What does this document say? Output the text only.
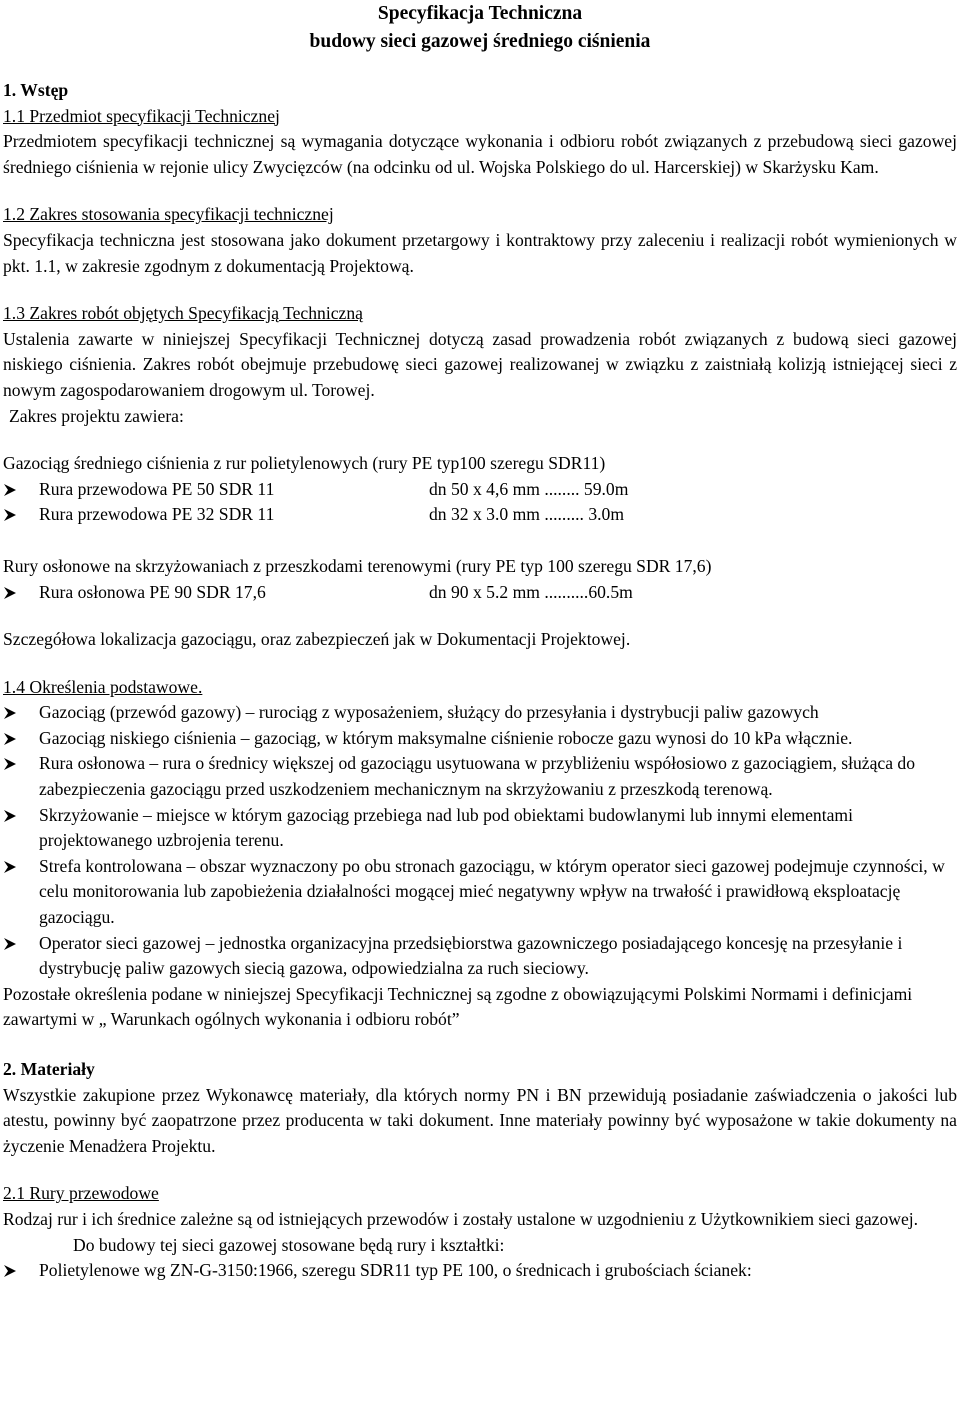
Specyfikacja Techniczna
budowy sieci gazowej średniego ciśnienia

1. Wstęp

1.1 Przedmiot specyfikacji Technicznej

Przedmiotem specyfikacji technicznej są wymagania dotyczące wykonania i odbioru robót związanych z przebudową sieci gazowej średniego ciśnienia w rejonie ulicy Zwycięzców (na odcinku od ul. Wojska Polskiego do ul. Harcerskiej) w Skarżysku Kam.

1.2 Zakres stosowania specyfikacji technicznej

Specyfikacja techniczna jest stosowana jako dokument przetargowy i kontraktowy przy zaleceniu i realizacji robót wymienionych w pkt. 1.1, w zakresie zgodnym z dokumentacją Projektową.

1.3 Zakres robót objętych Specyfikacją Techniczną

Ustalenia zawarte w niniejszej Specyfikacji Technicznej dotyczą zasad prowadzenia robót związanych z budową sieci gazowej niskiego ciśnienia. Zakres robót obejmuje przebudowę sieci gazowej realizowanej w związku z zaistniałą kolizją istniejącej sieci z nowym zagospodarowaniem drogowym ul. Torowej.

Zakres projektu zawiera:

Gazociąg średniego ciśnienia z rur polietylenowych (rury PE typ100 szeregu SDR11)

Rura przewodowa PE 50 SDR 11	dn 50 x 4,6 mm ........ 59.0m
Rura przewodowa PE 32 SDR 11	dn 32 x 3.0 mm ......... 3.0m

Rury osłonowe na skrzyżowaniach z przeszkodami terenowymi (rury PE typ 100 szeregu SDR 17,6)

Rura osłonowa PE 90 SDR 17,6	dn 90 x 5.2 mm ..........60.5m

Szczegółowa lokalizacja gazociągu, oraz zabezpieczeń jak w Dokumentacji Projektowej.

1.4 Określenia podstawowe.

Gazociąg (przewód gazowy) – rurociąg z wyposażeniem, służący do przesyłania i dystrybucji paliw gazowych
Gazociąg niskiego ciśnienia – gazociąg, w którym maksymalne ciśnienie robocze gazu wynosi do 10 kPa włącznie.
Rura osłonowa – rura o średnicy większej od gazociągu usytuowana w przybliżeniu współosiowo z gazociągiem, służąca do zabezpieczenia gazociągu przed uszkodzeniem mechanicznym na skrzyżowaniu z przeszkodą terenową.
Skrzyżowanie – miejsce w którym gazociąg przebiega nad lub pod obiektami budowlanymi lub innymi elementami projektowanego uzbrojenia terenu.
Strefa kontrolowana – obszar wyznaczony po obu stronach gazociągu, w którym operator sieci gazowej podejmuje czynności, w celu monitorowania lub zapobieżenia działalności mogącej mieć negatywny wpływ na trwałość i prawidłową eksploatację gazociągu.
Operator sieci gazowej – jednostka organizacyjna przedsiębiorstwa gazowniczego posiadającego koncesję na przesyłanie i dystrybucję paliw gazowych siecią gazowa, odpowiedzialna za ruch sieciowy.

Pozostałe określenia podane w niniejszej Specyfikacji Technicznej są zgodne z obowiązującymi Polskimi Normami i definicjami zawartymi w „ Warunkach ogólnych wykonania i odbioru robót”

2. Materiały

Wszystkie zakupione przez Wykonawcę materiały, dla których normy PN i BN przewidują posiadanie zaświadczenia o jakości lub atestu, powinny być zaopatrzone przez producenta w taki dokument. Inne materiały powinny być wyposażone w takie dokumenty na życzenie Menadżera Projektu.

2.1 Rury przewodowe

Rodzaj rur i ich średnice zależne są od istniejących przewodów i zostały ustalone w uzgodnieniu z Użytkownikiem sieci gazowej.

Do budowy tej sieci gazowej stosowane będą rury i kształtki:

Polietylenowe wg ZN-G-3150:1966, szeregu SDR11 typ PE 100, o średnicach i grubościach ścianek:
